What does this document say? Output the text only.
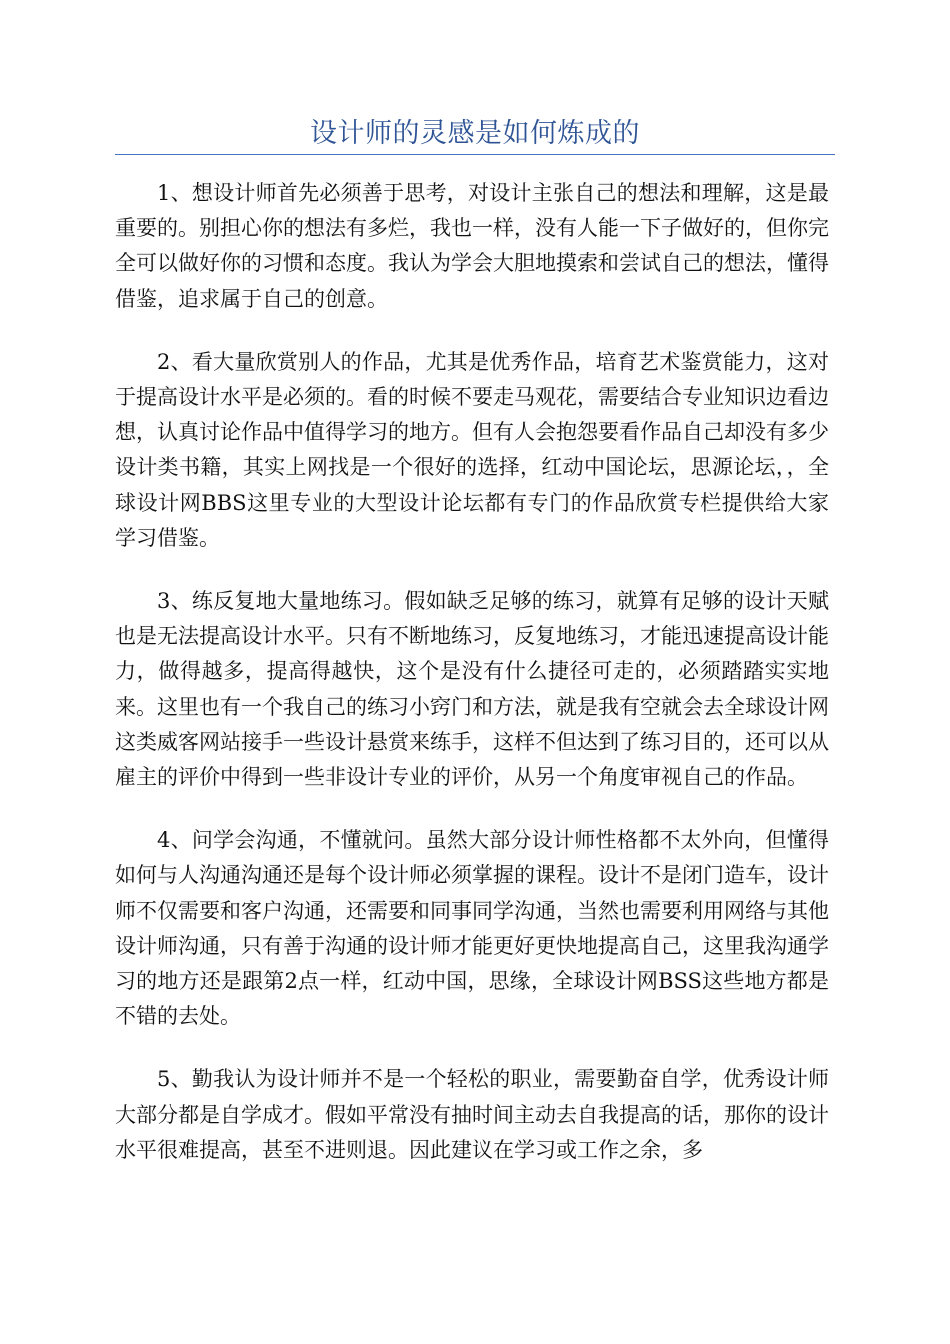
设计师的灵感是如何炼成的

1、想设计师首先必须善于思考，对设计主张自己的想法和理解，这是最重要的。别担心你的想法有多烂，我也一样，没有人能一下子做好的，但你完全可以做好你的习惯和态度。我认为学会大胆地摸索和尝试自己的想法，懂得借鉴，追求属于自己的创意。

2、看大量欣赏别人的作品，尤其是优秀作品，培育艺术鉴赏能力，这对于提高设计水平是必须的。看的时候不要走马观花，需要结合专业知识边看边想，认真讨论作品中值得学习的地方。但有人会抱怨要看作品自己却没有多少设计类书籍，其实上网找是一个很好的选择，红动中国论坛，思源论坛，，全球设计网BBS这里专业的大型设计论坛都有专门的作品欣赏专栏提供给大家学习借鉴。

3、练反复地大量地练习。假如缺乏足够的练习，就算有足够的设计天赋也是无法提高设计水平。只有不断地练习，反复地练习，才能迅速提高设计能力，做得越多，提高得越快，这个是没有什么捷径可走的，必须踏踏实实地来。这里也有一个我自己的练习小窍门和方法，就是我有空就会去全球设计网这类威客网站接手一些设计悬赏来练手，这样不但达到了练习目的，还可以从雇主的评价中得到一些非设计专业的评价，从另一个角度审视自己的作品。

4、问学会沟通，不懂就问。虽然大部分设计师性格都不太外向，但懂得如何与人沟通沟通还是每个设计师必须掌握的课程。设计不是闭门造车，设计师不仅需要和客户沟通，还需要和同事同学沟通，当然也需要利用网络与其他设计师沟通，只有善于沟通的设计师才能更好更快地提高自己，这里我沟通学习的地方还是跟第2点一样，红动中国，思缘，全球设计网BSS这些地方都是不错的去处。

5、勤我认为设计师并不是一个轻松的职业，需要勤奋自学，优秀设计师大部分都是自学成才。假如平常没有抽时间主动去自我提高的话，那你的设计水平很难提高，甚至不进则退。因此建议在学习或工作之余，多
